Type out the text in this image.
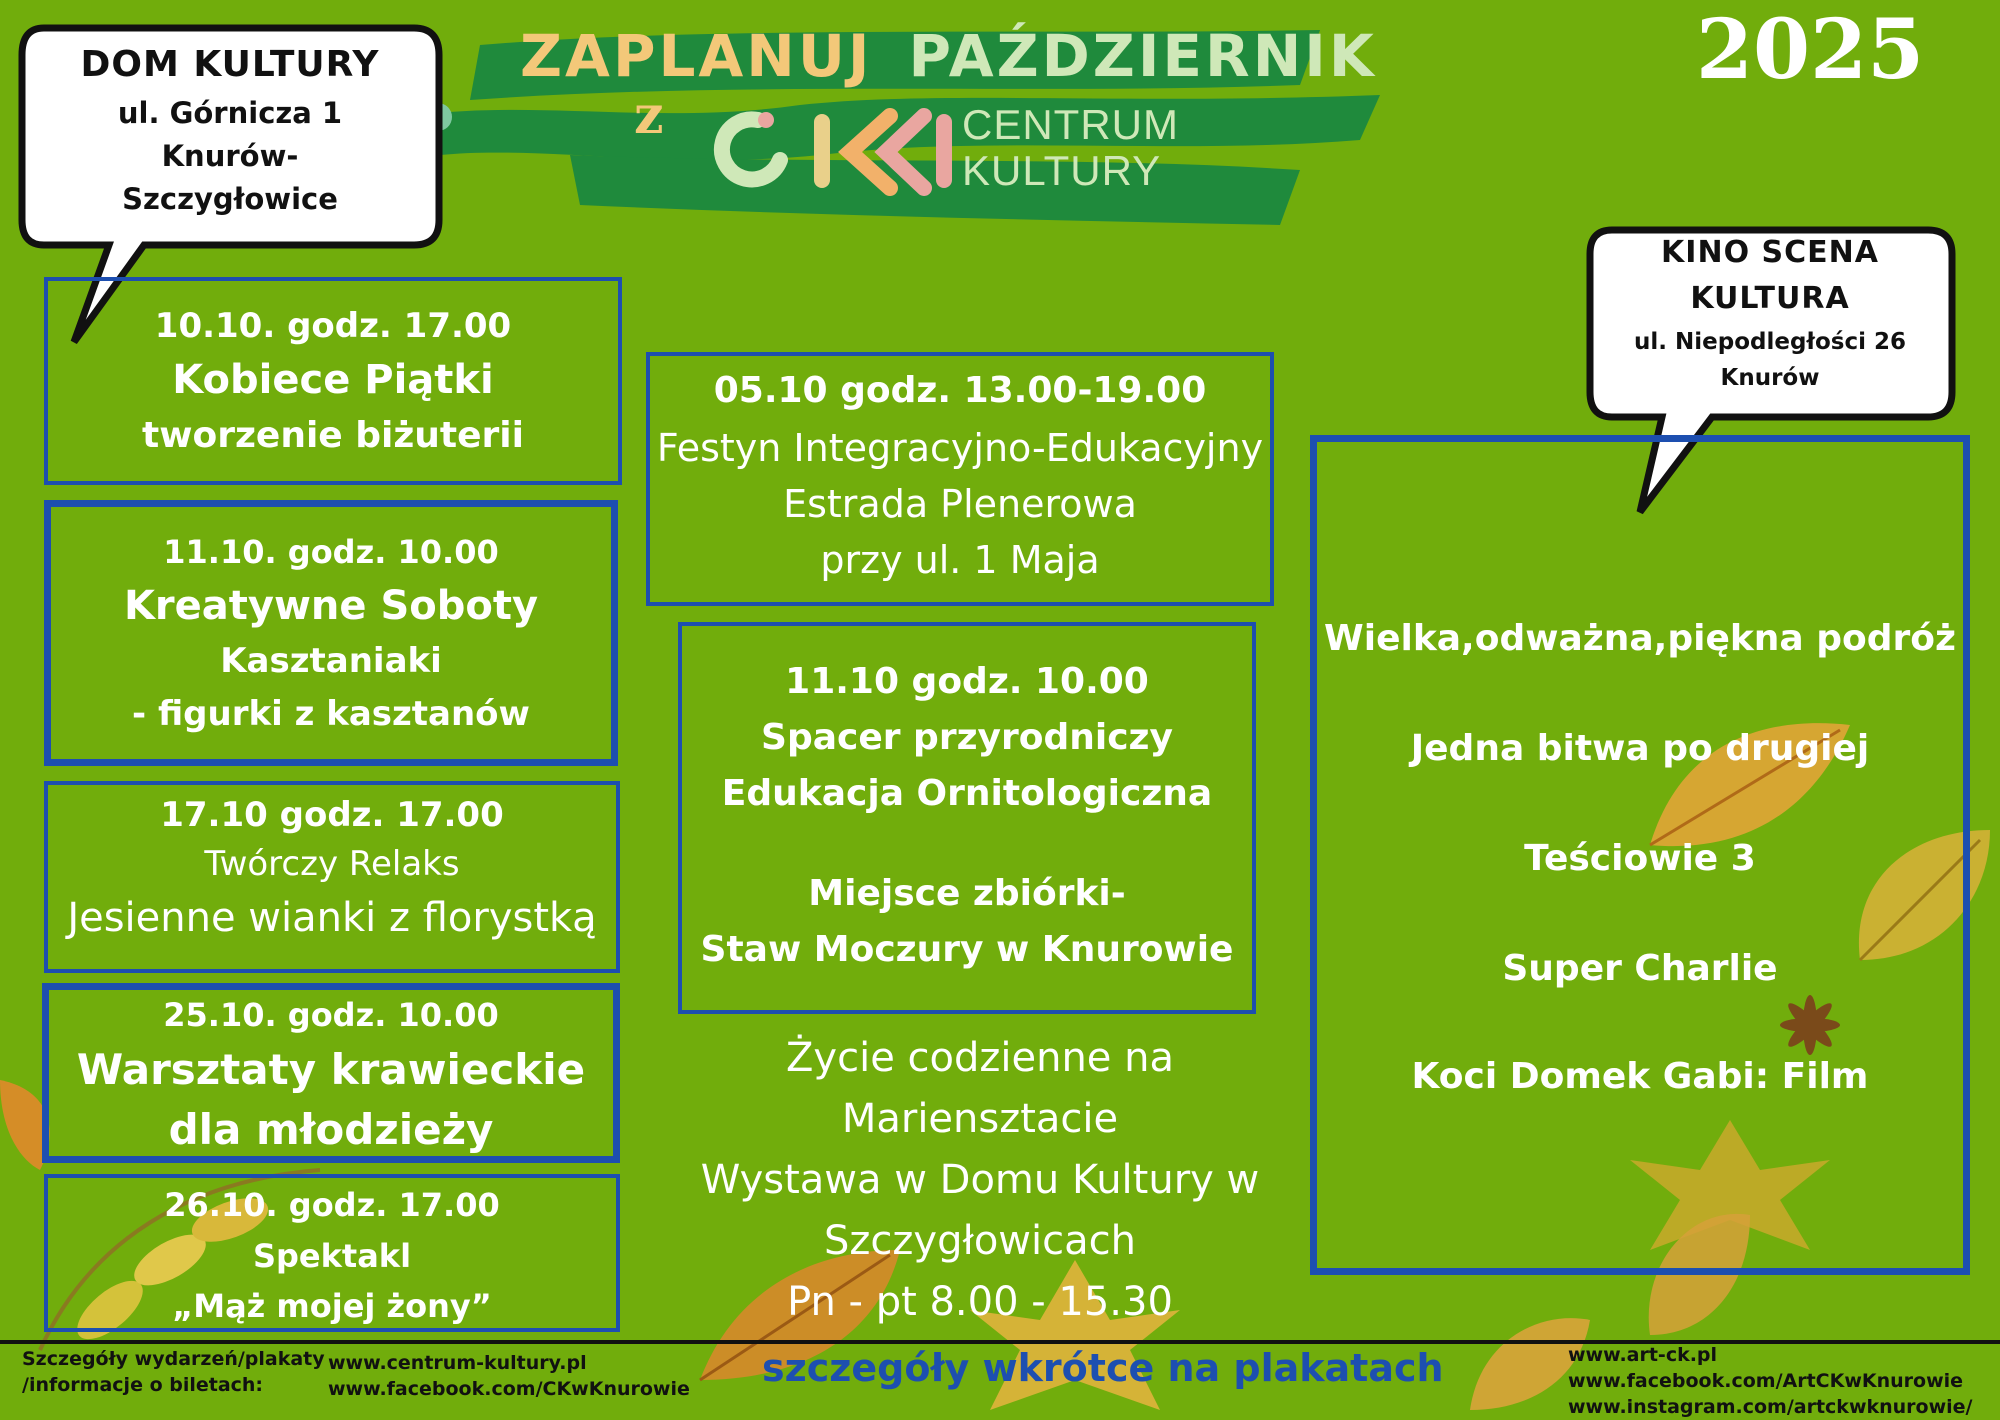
ZAPLANUJ PAŹDZIERNIK
z	CENTRUM
KULTURY
2025
DOM KULTURY
ul. Górnicza 1
Knurów-
Szczygłowice
KINO SCENA
KULTURA
ul. Niepodległości 26
Knurów
10.10. godz. 17.00
Kobiece Piątki
tworzenie biżuterii
11.10. godz. 10.00
Kreatywne Soboty
Kasztaniaki
- figurki z kasztanów
17.10 godz. 17.00
Twórczy Relaks
Jesienne wianki z florystką
25.10. godz. 10.00
Warsztaty krawieckie
dla młodzieży
26.10. godz. 17.00
Spektakl
„Mąż mojej żony”
05.10 godz. 13.00-19.00
Festyn Integracyjno-Edukacyjny
Estrada Plenerowa
przy ul. 1 Maja
11.10 godz. 10.00
Spacer przyrodniczy
Edukacja Ornitologiczna
Miejsce zbiórki-
Staw Moczury w Knurowie
Życie codzienne na
Mariensztacie
Wystawa w Domu Kultury w
Szczygłowicach
Pn - pt 8.00 - 15.30
Wielka,odważna,piękna podróż
Jedna bitwa po drugiej
Teściowie 3
Super Charlie
Koci Domek Gabi: Film
Szczegóły wydarzeń/plakaty
/informacje o biletach:
www.centrum-kultury.pl
www.facebook.com/CKwKnurowie szczegóły wkrótce na plakatach	www.art-ck.pl
www.facebook.com/ArtCKwKnurowie
www.instagram.com/artckwknurowie/
